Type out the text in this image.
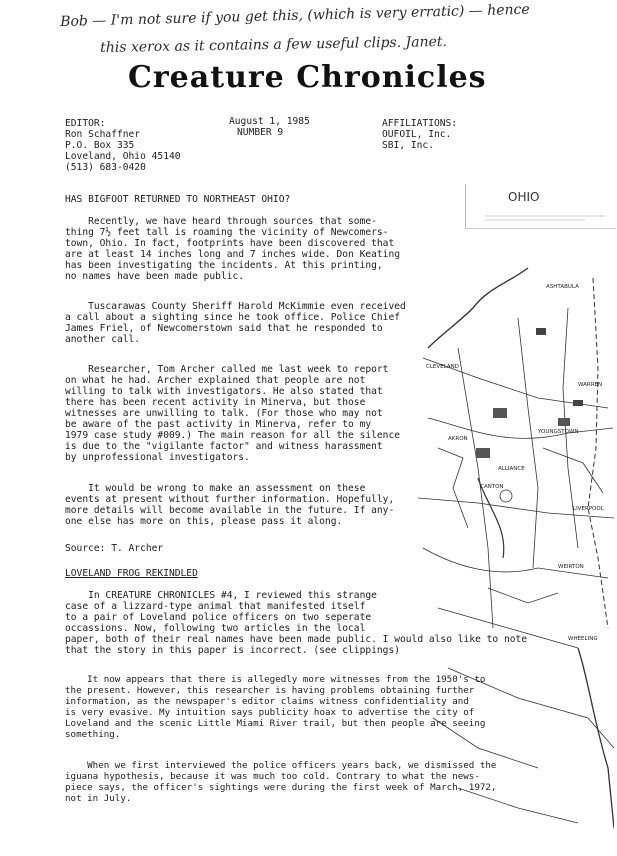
Bob — I'm not sure if you get this, (which is very erratic) — hence
this xerox as it contains a few useful clips. Janet.
Creature Chronicles
EDITOR:
Ron Schaffner
P.O. Box 335
Loveland, Ohio 45140
(513) 683-0420
August 1, 1985
NUMBER 9
AFFILIATIONS:
OUFOIL, Inc.
SBI, Inc.
HAS BIGFOOT RETURNED TO NORTHEAST OHIO?	OHIO
Recently, we have heard through sources that some-
thing 7½ feet tall is roaming the vicinity of Newcomers-
town, Ohio. In fact, footprints have been discovered that
are at least 14 inches long and 7 inches wide. Don Keating
has been investigating the incidents. At this printing,
no names have been made public.
Tuscarawas County Sheriff Harold McKimmie even received
a call about a sighting since he took office. Police Chief
James Friel, of Newcomerstown said that he responded to
another call.
Researcher, Tom Archer called me last week to report
on what he had. Archer explained that people are not
willing to talk with investigators. He also stated that
there has been recent activity in Minerva, but those
witnesses are unwilling to talk. (For those who may not
be aware of the past activity in Minerva, refer to my
1979 case study #009.) The main reason for all the silence
is due to the "vigilante factor" and witness harassment
by unprofessional investigators.
It would be wrong to make an assessment on these
events at present without further information. Hopefully,
more details will become available in the future. If any-
one else has more on this, please pass it along.
Source: T. Archer
LOVELAND FROG REKINDLED
In CREATURE CHRONICLES #4, I reviewed this strange
case of a lizzard-type animal that manifested itself
to a pair of Loveland police officers on two seperate
occassions. Now, following two articles in the local
paper, both of their real names have been made public. I would also like to note
that the story in this paper is incorrect. (see clippings)
It now appears that there is allegedly more witnesses from the 1950's to
the present. However, this researcher is having problems obtaining further
information, as the newspaper's editor claims witness confidentiality and
is very evasive. My intuition says publicity hoax to advertise the city of
Loveland and the scenic Little Miami River trail, but then people are seeing
something.
When we first interviewed the police officers years back, we dismissed the
iguana hypothesis, because it was much too cold. Contrary to what the news-
piece says, the officer's sightings were during the first week of March, 1972,
not in July.
ASHTABULA
CLEVELAND
YOUNGSTOWN
CANTON
AKRON
WARREN
ALLIANCE
LIVERPOOL
WEIRTON
WHEELING
